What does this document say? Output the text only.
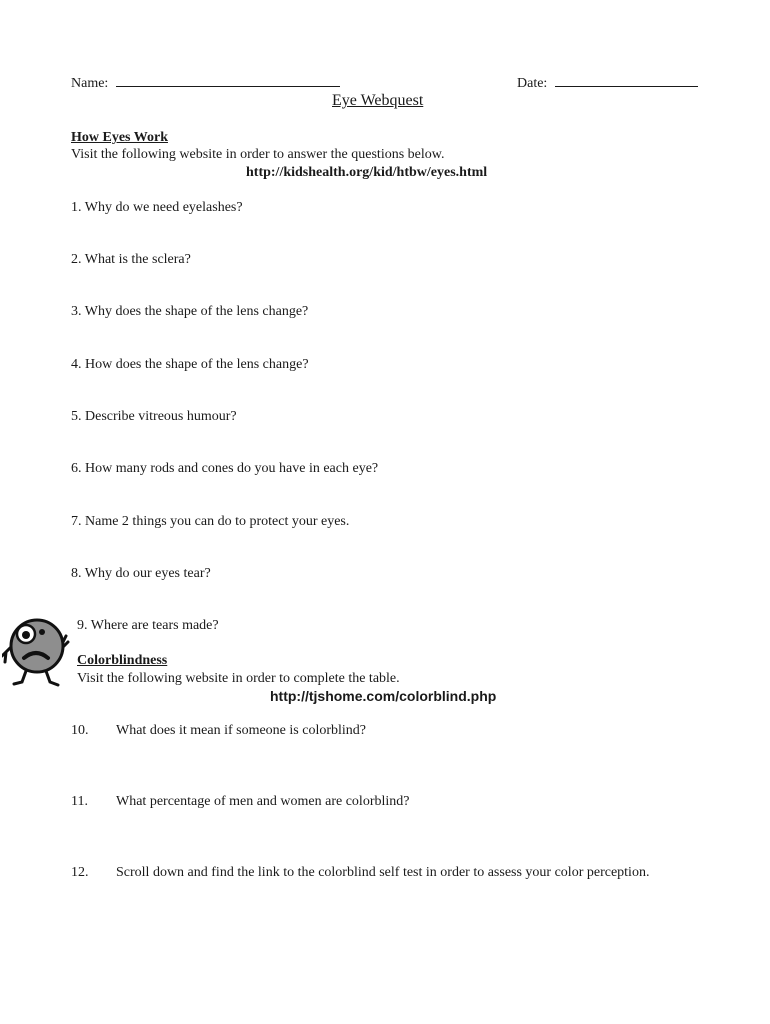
Name:	Date:
Eye Webquest
How Eyes Work
Visit the following website in order to answer the questions below.
http://kidshealth.org/kid/htbw/eyes.html
1. Why do we need eyelashes?
2. What is the sclera?
3. Why does the shape of the lens change?
4. How does the shape of the lens change?
5. Describe vitreous humour?
6. How many rods and cones do you have in each eye?
7. Name 2 things you can do to protect your eyes.
8. Why do our eyes tear?
9. Where are tears made?
Colorblindness
Visit the following website in order to complete the table.
http://tjshome.com/colorblind.php
10. What does it mean if someone is colorblind?
11. What percentage of men and women are colorblind?
12. Scroll down and find the link to the colorblind self test in order to assess your color perception.
